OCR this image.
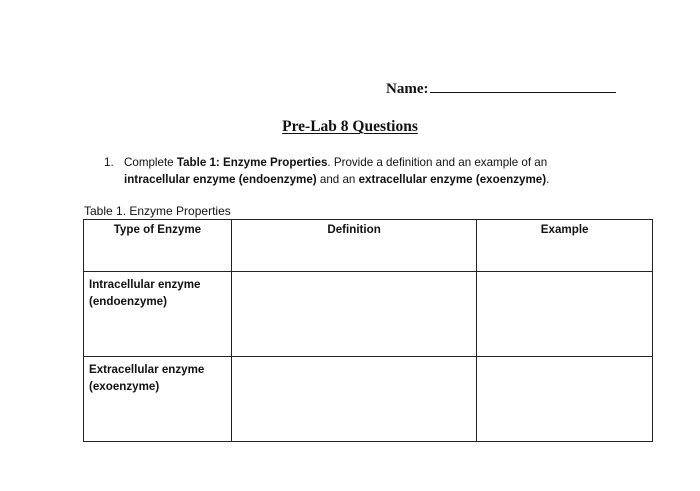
Name:
Pre-Lab 8 Questions
1. Complete Table 1: Enzyme Properties. Provide a definition and an example of an intracellular enzyme (endoenzyme) and an extracellular enzyme (exoenzyme).
Table 1. Enzyme Properties
Type of Enzyme	Definition	Example

Intracellular enzyme
(endoenzyme)		

Extracellular enzyme
(exoenzyme)		
